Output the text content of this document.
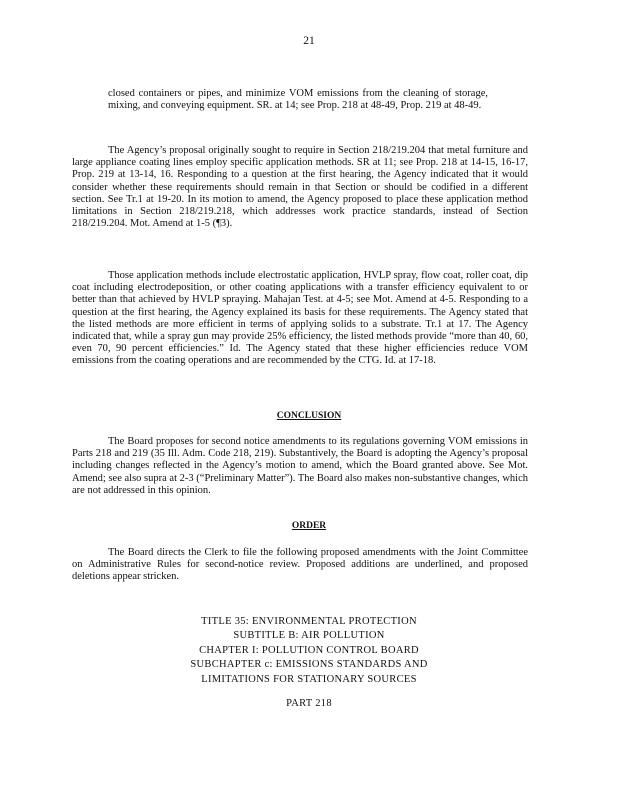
21

closed containers or pipes, and minimize VOM emissions from the cleaning of storage, mixing, and conveying equipment. SR. at 14; see Prop. 218 at 48-49, Prop. 219 at 48-49.

The Agency’s proposal originally sought to require in Section 218/219.204 that metal furniture and large appliance coating lines employ specific application methods. SR at 11; see Prop. 218 at 14-15, 16-17, Prop. 219 at 13-14, 16. Responding to a question at the first hearing, the Agency indicated that it would consider whether these requirements should remain in that Section or should be codified in a different section. See Tr.1 at 19-20. In its motion to amend, the Agency proposed to place these application method limitations in Section 218/219.218, which addresses work practice standards, instead of Section 218/219.204. Mot. Amend at 1-5 (¶3).

Those application methods include electrostatic application, HVLP spray, flow coat, roller coat, dip coat including electrodeposition, or other coating applications with a transfer efficiency equivalent to or better than that achieved by HVLP spraying. Mahajan Test. at 4-5; see Mot. Amend at 4-5. Responding to a question at the first hearing, the Agency explained its basis for these requirements. The Agency stated that the listed methods are more efficient in terms of applying solids to a substrate. Tr.1 at 17. The Agency indicated that, while a spray gun may provide 25% efficiency, the listed methods provide “more than 40, 60, even 70, 90 percent efficiencies.” Id. The Agency stated that these higher efficiencies reduce VOM emissions from the coating operations and are recommended by the CTG. Id. at 17-18.

CONCLUSION

The Board proposes for second notice amendments to its regulations governing VOM emissions in Parts 218 and 219 (35 Ill. Adm. Code 218, 219). Substantively, the Board is adopting the Agency’s proposal including changes reflected in the Agency’s motion to amend, which the Board granted above. See Mot. Amend; see also supra at 2-3 (“Preliminary Matter”). The Board also makes non-substantive changes, which are not addressed in this opinion.

ORDER

The Board directs the Clerk to file the following proposed amendments with the Joint Committee on Administrative Rules for second-notice review. Proposed additions are underlined, and proposed deletions appear stricken.

TITLE 35: ENVIRONMENTAL PROTECTION
SUBTITLE B: AIR POLLUTION
CHAPTER I: POLLUTION CONTROL BOARD
SUBCHAPTER c: EMISSIONS STANDARDS AND
LIMITATIONS FOR STATIONARY SOURCES
PART 218
